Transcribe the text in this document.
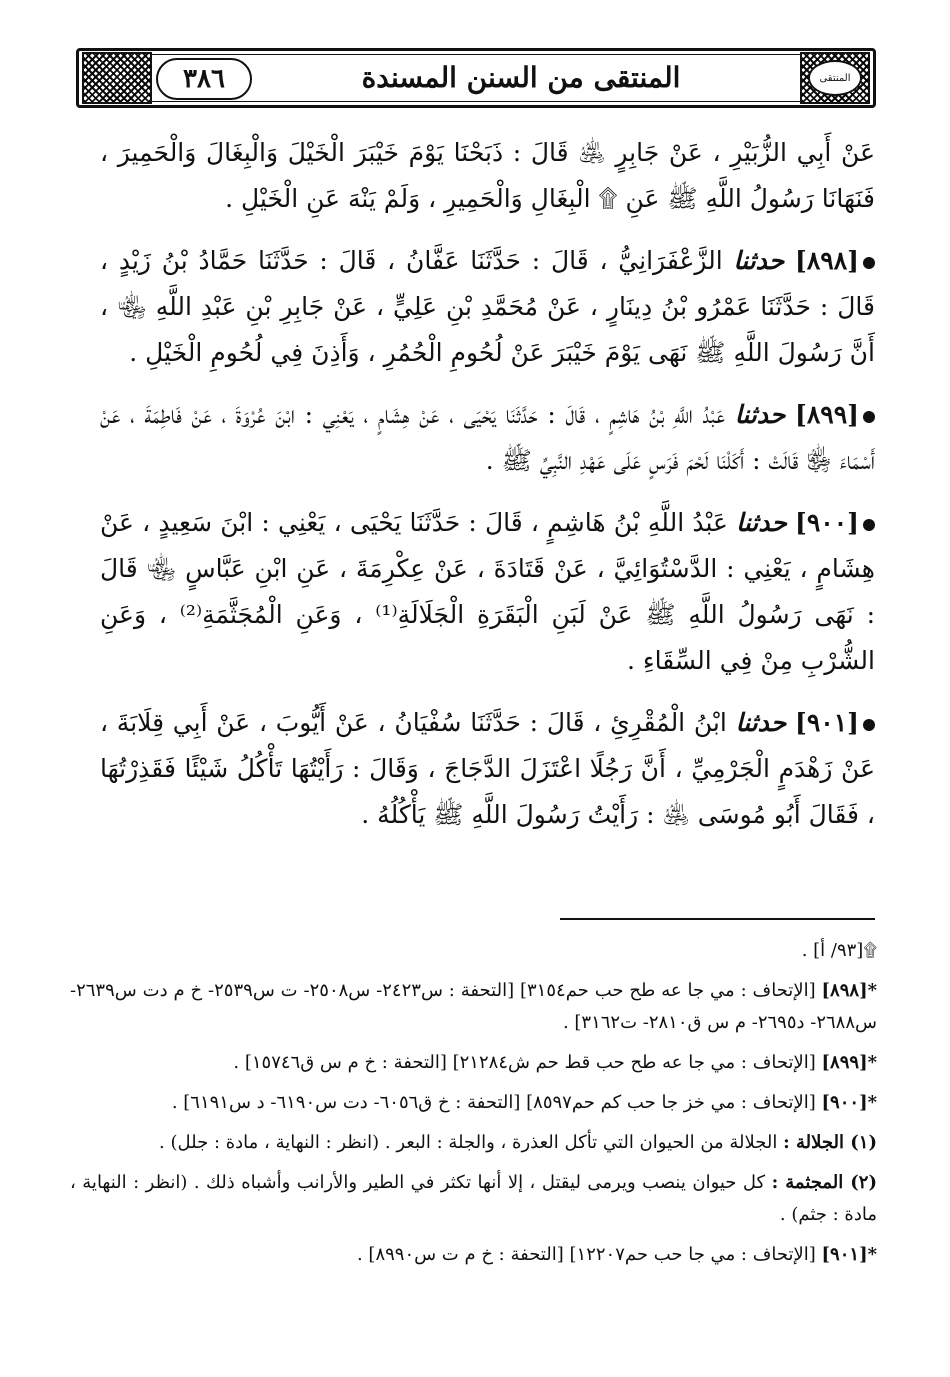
المنتقى
٣٨٦	المنتقى من السنن المسندة

عَنْ أَبِي الزُّبَيْرِ ، عَنْ جَابِرٍ ﵁ قَالَ : ذَبَحْنَا يَوْمَ خَيْبَرَ الْخَيْلَ وَالْبِغَالَ وَالْحَمِيرَ ، فَنَهَانَا رَسُولُ اللَّهِ ﷺ عَنِ ۩ الْبِغَالِ وَالْحَمِيرِ ، وَلَمْ يَنْهَ عَنِ الْخَيْلِ .

[٨٩٨] حدثنا الزَّعْفَرَانِيُّ ، قَالَ : حَدَّثَنَا عَفَّانُ ، قَالَ : حَدَّثَنَا حَمَّادُ بْنُ زَيْدٍ ، قَالَ : حَدَّثَنَا عَمْرُو بْنُ دِينَارٍ ، عَنْ مُحَمَّدِ بْنِ عَلِيٍّ ، عَنْ جَابِرِ بْنِ عَبْدِ اللَّهِ ﵄ ، أَنَّ رَسُولَ اللَّهِ ﷺ نَهَى يَوْمَ خَيْبَرَ عَنْ لُحُومِ الْحُمُرِ ، وَأَذِنَ فِي لُحُومِ الْخَيْلِ .

[٨٩٩] حدثنا عَبْدُ اللَّهِ بْنُ هَاشِمٍ ، قَالَ : حَدَّثَنَا يَحْيَى ، عَنْ هِشَامٍ ، يَعْنِي : ابْنَ عُرْوَةَ ، عَنْ فَاطِمَةَ ، عَنْ أَسْمَاءَ ﵂ قَالَتْ : أَكَلْنَا لَحْمَ فَرَسٍ عَلَى عَهْدِ النَّبِيِّ ﷺ .

[٩٠٠] حدثنا عَبْدُ اللَّهِ بْنُ هَاشِمٍ ، قَالَ : حَدَّثَنَا يَحْيَى ، يَعْنِي : ابْنَ سَعِيدٍ ، عَنْ هِشَامٍ ، يَعْنِي : الدَّسْتُوَائِيَّ ، عَنْ قَتَادَةَ ، عَنْ عِكْرِمَةَ ، عَنِ ابْنِ عَبَّاسٍ ﵄ قَالَ : نَهَى رَسُولُ اللَّهِ ﷺ عَنْ لَبَنِ الْبَقَرَةِ الْجَلَالَةِ⁽¹⁾ ، وَعَنِ الْمُجَثَّمَةِ⁽²⁾ ، وَعَنِ الشُّرْبِ مِنْ فِي السِّقَاءِ .

[٩٠١] حدثنا ابْنُ الْمُقْرِئِ ، قَالَ : حَدَّثَنَا سُفْيَانُ ، عَنْ أَيُّوبَ ، عَنْ أَبِي قِلَابَةَ ، عَنْ زَهْدَمٍ الْجَرْمِيِّ ، أَنَّ رَجُلًا اعْتَزَلَ الدَّجَاجَ ، وَقَالَ : رَأَيْتُهَا تَأْكُلُ شَيْئًا فَقَذِرْتُهَا ، فَقَالَ أَبُو مُوسَى ﵁ : رَأَيْتُ رَسُولَ اللَّهِ ﷺ يَأْكُلُهُ .

۩[٩٣/ أ] .

*[٨٩٨] [الإتحاف : مي جا عه طح حب حم٣١٥٤] [التحفة : س٢٤٢٣- س٢٥٠٨- ت س٢٥٣٩- خ م دت س٢٦٣٩- س٢٦٨٨- د٢٦٩٥- م س ق٢٨١٠- ت٣١٦٢] .

*[٨٩٩] [الإتحاف : مي جا عه طح حب قط حم ش٢١٢٨٤] [التحفة : خ م س ق١٥٧٤٦] .

*[٩٠٠] [الإتحاف : مي خز جا حب كم حم٨٥٩٧] [التحفة : خ ق٦٠٥٦- دت س٦١٩٠- د س٦١٩١] .

(١) الجلالة : الجلالة من الحيوان التي تأكل العذرة ، والجلة : البعر . (انظر : النهاية ، مادة : جلل) .

(٢) المجثمة : كل حيوان ينصب ويرمى ليقتل ، إلا أنها تكثر في الطير والأرانب وأشباه ذلك . (انظر : النهاية ، مادة : جثم) .

*[٩٠١] [الإتحاف : مي جا حب حم١٢٢٠٧] [التحفة : خ م ت س٨٩٩٠] .
